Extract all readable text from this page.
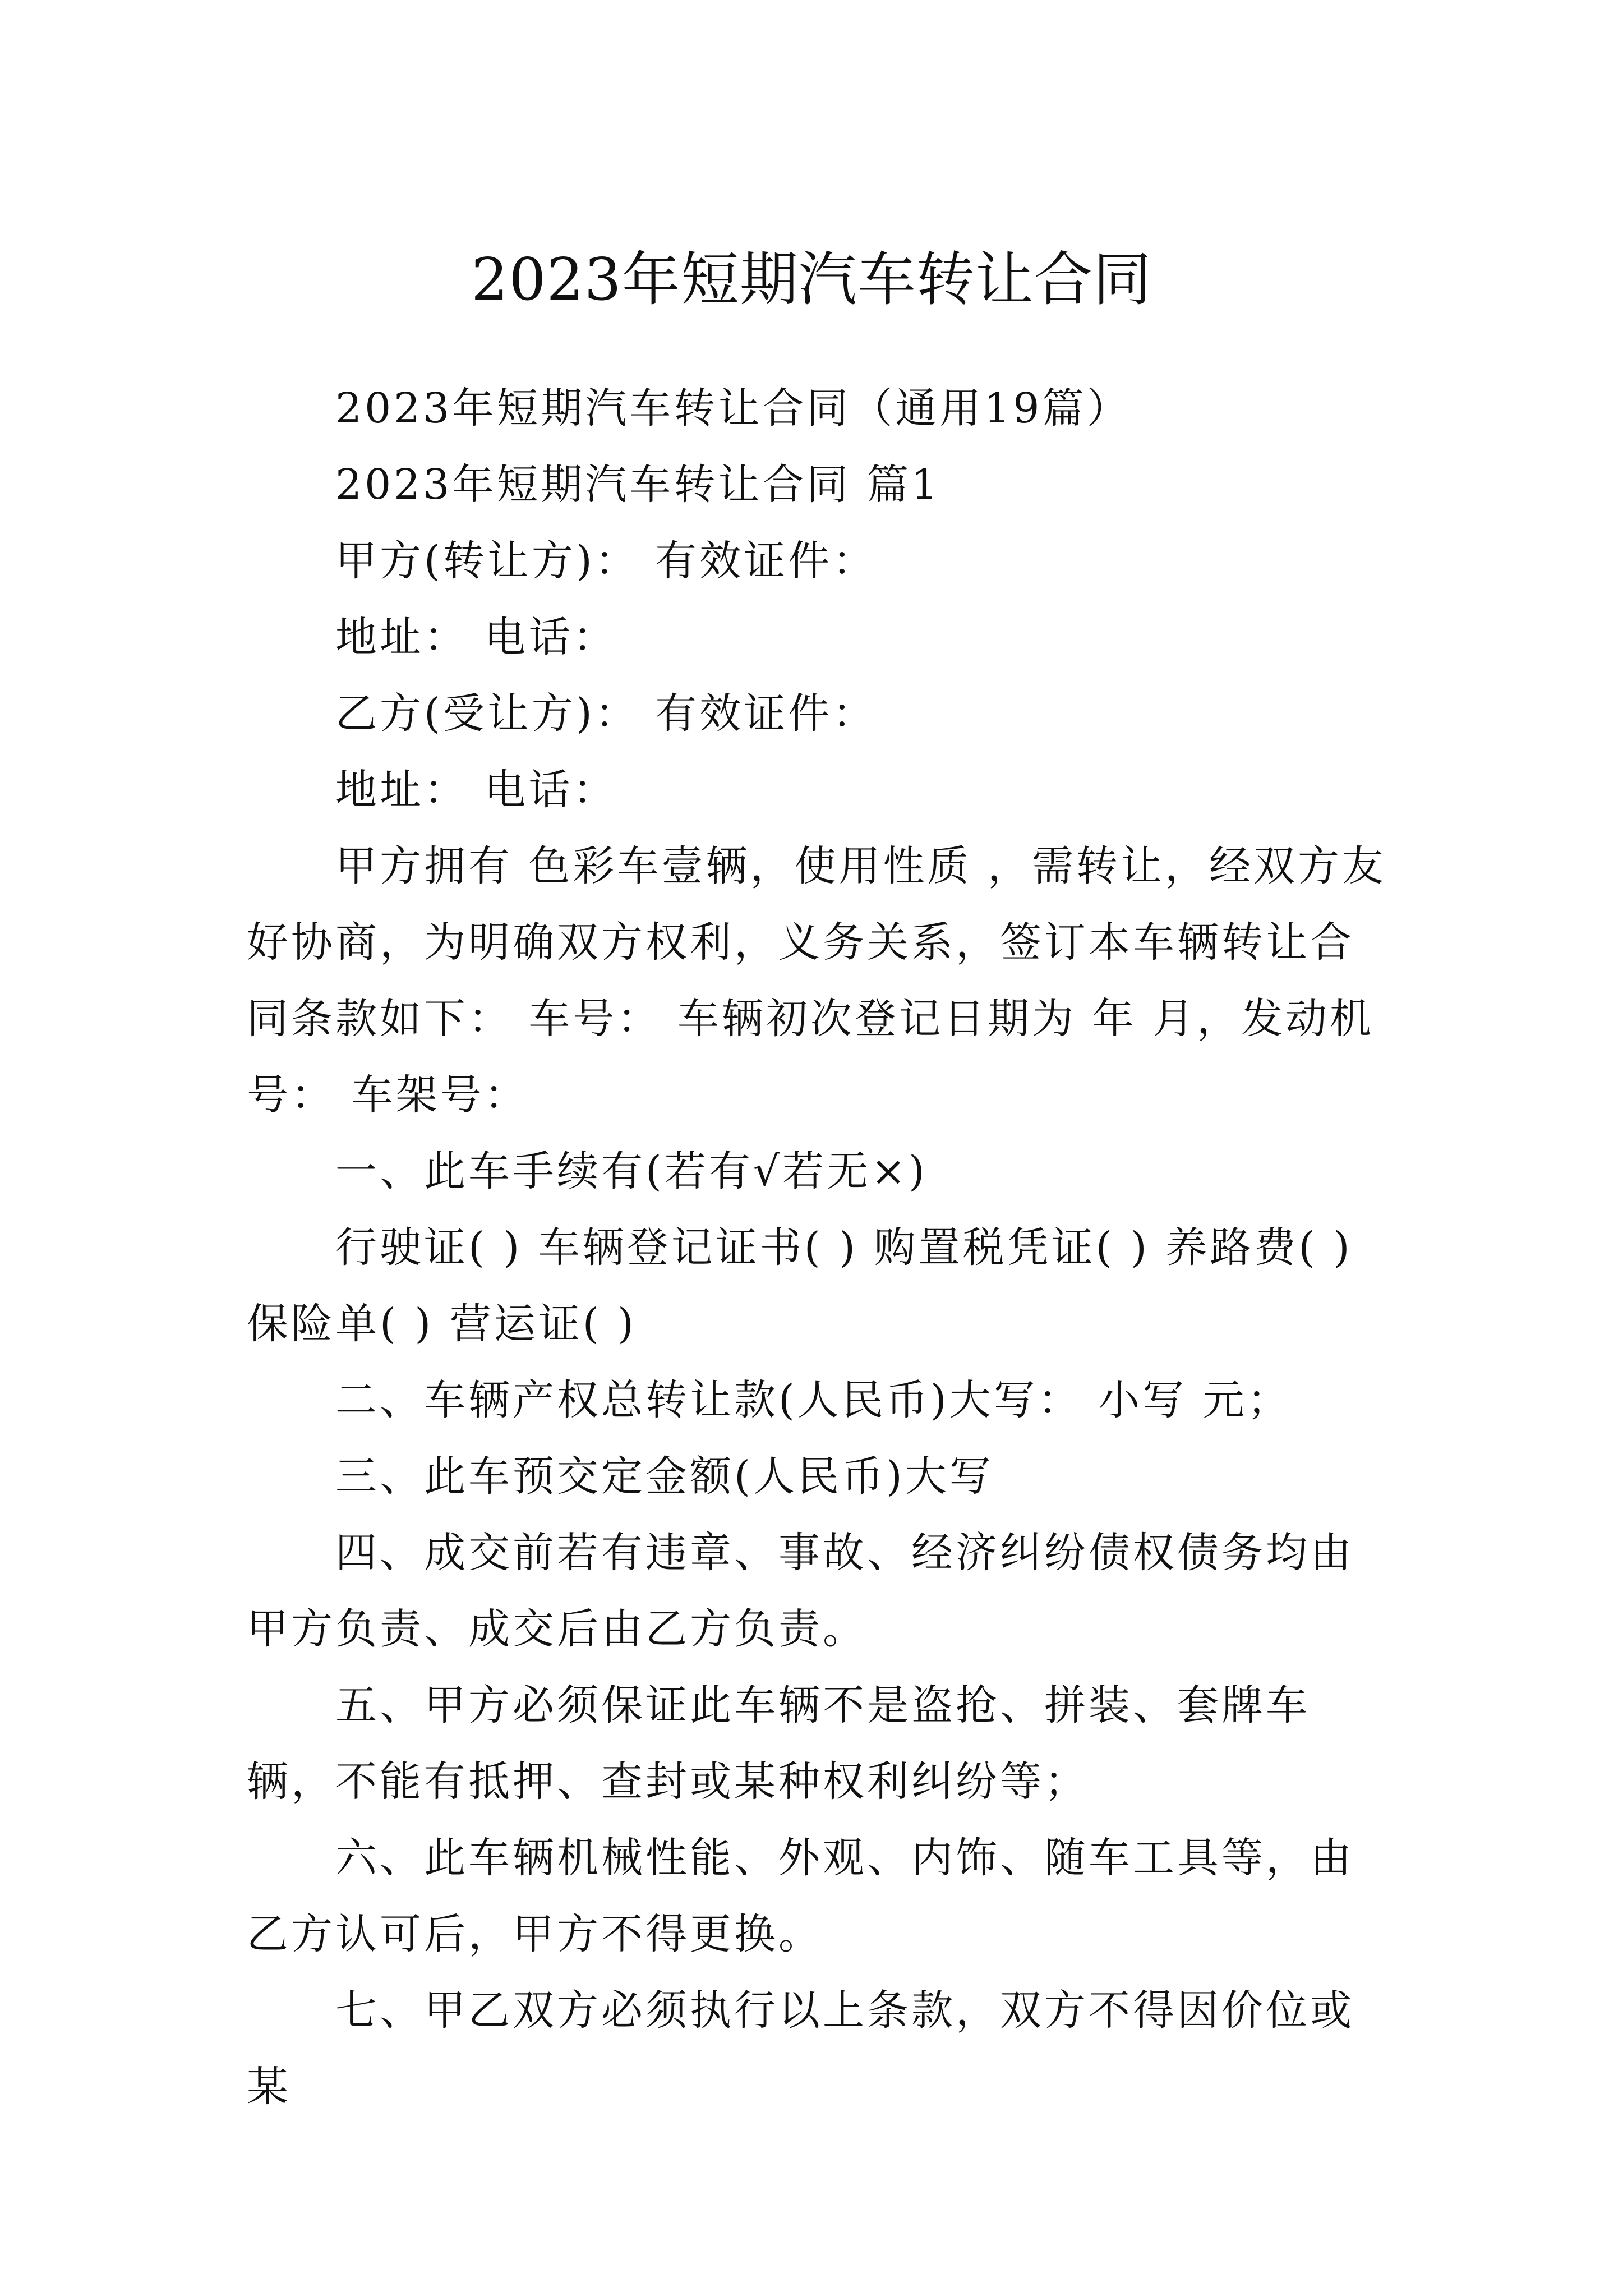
2023年短期汽车转让合同

2023年短期汽车转让合同（通用19篇）

2023年短期汽车转让合同 篇1

甲方(转让方)： 有效证件：

地址： 电话：

乙方(受让方)： 有效证件：

地址： 电话：

甲方拥有 色彩车壹辆，使用性质 ，需转让，经双方友好协商，为明确双方权利，义务关系，签订本车辆转让合同条款如下： 车号： 车辆初次登记日期为 年 月，发动机号： 车架号：

一、此车手续有(若有√若无×)

行驶证( ) 车辆登记证书( ) 购置税凭证( ) 养路费( )保险单( ) 营运证( )

二、车辆产权总转让款(人民币)大写： 小写 元；

三、此车预交定金额(人民币)大写

四、成交前若有违章、事故、经济纠纷债权债务均由甲方负责、成交后由乙方负责。

五、甲方必须保证此车辆不是盗抢、拼装、套牌车辆，不能有抵押、查封或某种权利纠纷等；

六、此车辆机械性能、外观、内饰、随车工具等，由乙方认可后，甲方不得更换。

七、甲乙双方必须执行以上条款，双方不得因价位或某
